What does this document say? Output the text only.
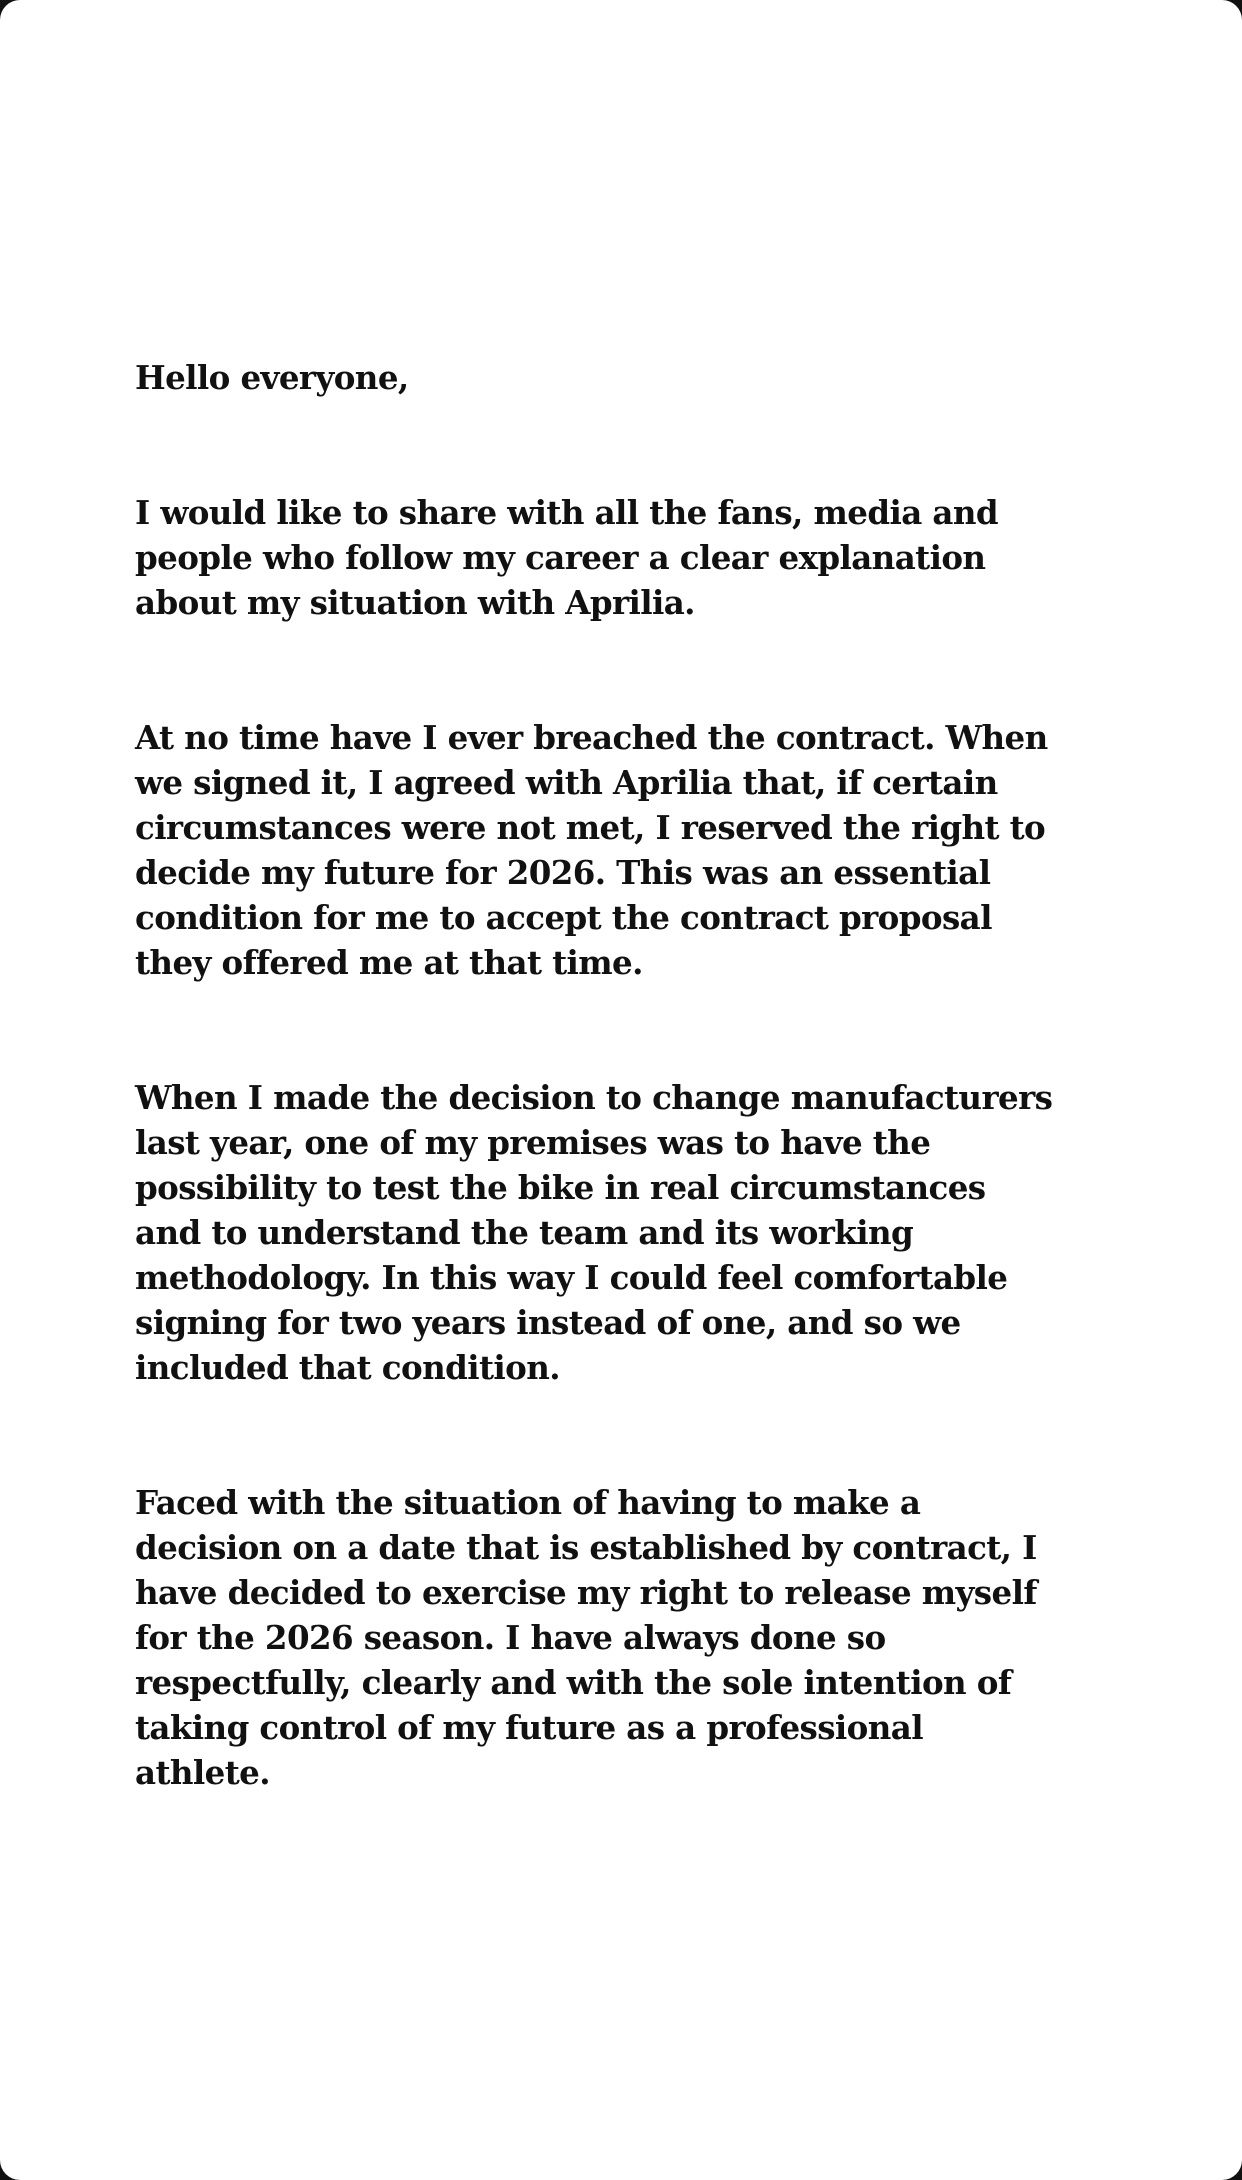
Hello everyone,

I would like to share with all the fans, media and
people who follow my career a clear explanation
about my situation with Aprilia.

At no time have I ever breached the contract. When
we signed it, I agreed with Aprilia that, if certain
circumstances were not met, I reserved the right to
decide my future for 2026. This was an essential
condition for me to accept the contract proposal
they offered me at that time.

When I made the decision to change manufacturers
last year, one of my premises was to have the
possibility to test the bike in real circumstances
and to understand the team and its working
methodology. In this way I could feel comfortable
signing for two years instead of one, and so we
included that condition.

Faced with the situation of having to make a
decision on a date that is established by contract, I
have decided to exercise my right to release myself
for the 2026 season. I have always done so
respectfully, clearly and with the sole intention of
taking control of my future as a professional
athlete.
